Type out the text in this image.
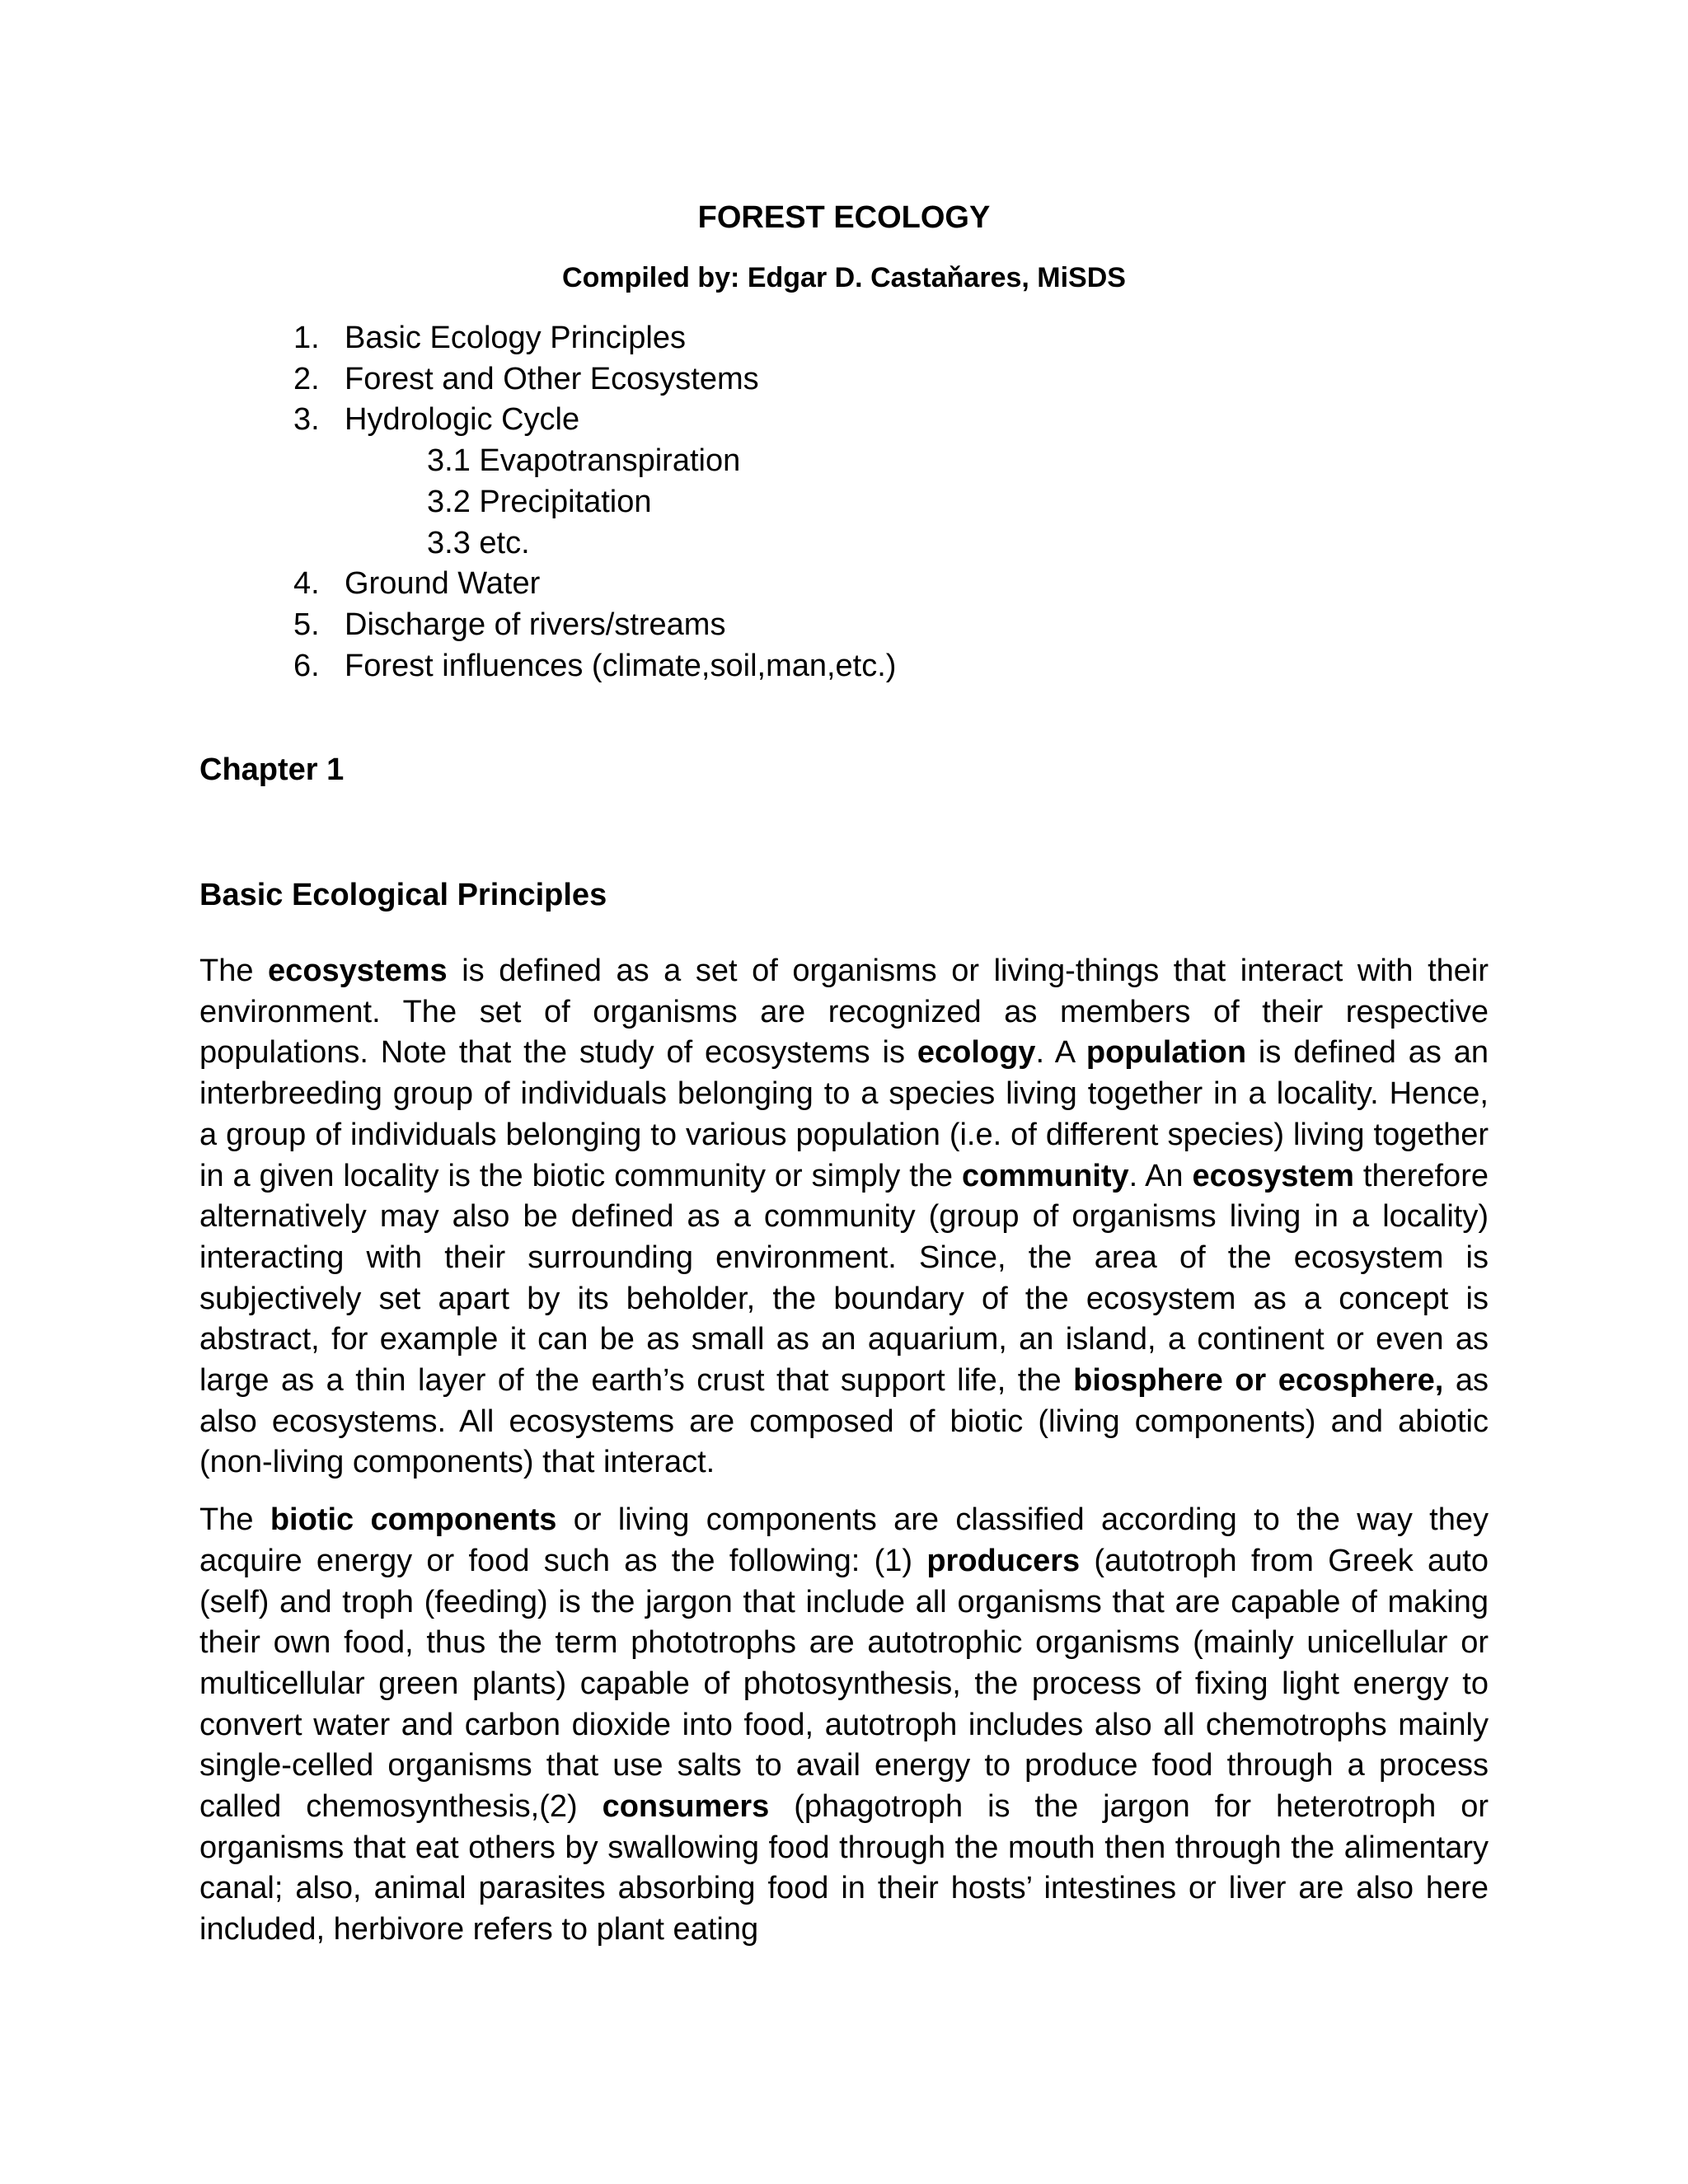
FOREST ECOLOGY
Compiled by: Edgar D. Castaňares, MiSDS
1. Basic Ecology Principles
2. Forest and Other Ecosystems
3. Hydrologic Cycle
3.1 Evapotranspiration
3.2 Precipitation
3.3 etc.
4. Ground Water
5. Discharge of rivers/streams
6. Forest influences (climate,soil,man,etc.)
Chapter 1
Basic Ecological Principles

The ecosystems is defined as a set of organisms or living-things that interact with their environment. The set of organisms are recognized as members of their respective populations. Note that the study of ecosystems is ecology. A population is defined as an interbreeding group of individuals belonging to a species living together in a locality. Hence, a group of individuals belonging to various population (i.e. of different species) living together in a given locality is the biotic community or simply the community. An ecosystem therefore alternatively may also be defined as a community (group of organisms living in a locality) interacting with their surrounding environment. Since, the area of the ecosystem is subjectively set apart by its beholder, the boundary of the ecosystem as a concept is abstract, for example it can be as small as an aquarium, an island, a continent or even as large as a thin layer of the earth’s crust that support life, the biosphere or ecosphere, as also ecosystems. All ecosystems are composed of biotic (living components) and abiotic (non-living components) that interact.

The biotic components or living components are classified according to the way they acquire energy or food such as the following: (1) producers (autotroph from Greek auto (self) and troph (feeding) is the jargon that include all organisms that are capable of making their own food, thus the term phototrophs are autotrophic organisms (mainly unicellular or multicellular green plants) capable of photosynthesis, the process of fixing light energy to convert water and carbon dioxide into food, autotroph includes also all chemotrophs mainly single-celled organisms that use salts to avail energy to produce food through a process called chemosynthesis,(2) consumers (phagotroph is the jargon for heterotroph or organisms that eat others by swallowing food through the mouth then through the alimentary canal; also, animal parasites absorbing food in their hosts’ intestines or liver are also here included, herbivore refers to plant eating
